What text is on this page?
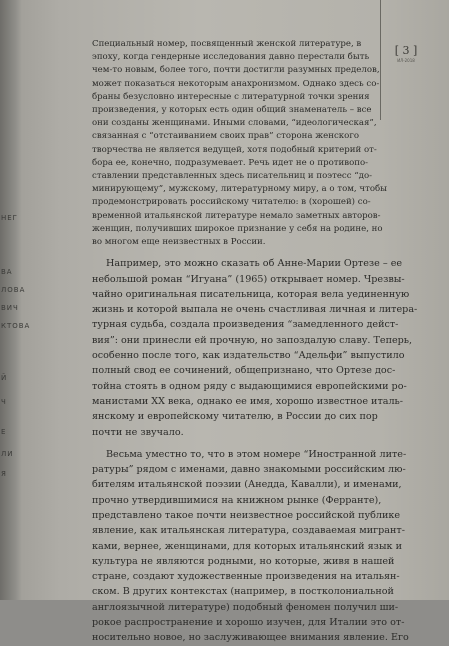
НЕГ
ВА
ЛОВА
ВИЧ
КТОВА
Й
Ч
Е
ЛИ
Я
[ 3 ]
ИЛ-2018
Специальный номер, посвященный женской литературе, в
эпоху, когда гендерные исследования давно перестали быть
чем-то новым, более того, почти достигли разумных пределов,
может показаться некоторым анахронизмом. Однако здесь со-
браны безусловно интересные с литературной точки зрения
произведения, у которых есть один общий знаменатель – все
они созданы женщинами. Иными словами, “идеологическая”,
связанная с “отстаиванием своих прав” сторона женского
творчества не является ведущей, хотя подобный критерий от-
бора ее, конечно, подразумевает. Речь идет не о противопо-
ставлении представленных здесь писательниц и поэтесс “до-
минирующему”, мужскому, литературному миру, а о том, чтобы
продемонстрировать российскому читателю: в (хорошей) со-
временной итальянской литературе немало заметных авторов-
женщин, получивших широкое признание у себя на родине, но
во многом еще неизвестных в России.
Например, это можно сказать об Анне-Марии Ортезе – ее
небольшой роман “Игуана” (1965) открывает номер. Чрезвы-
чайно оригинальная писательница, которая вела уединенную
жизнь и которой выпала не очень счастливая личная и литера-
турная судьба, создала произведения “замедленного дейст-
вия”: они принесли ей прочную, но запоздалую славу. Теперь,
особенно после того, как издательство “Адельфи” выпустило
полный свод ее сочинений, общепризнано, что Ортезе дос-
тойна стоять в одном ряду с выдающимися европейскими ро-
манистами XX века, однако ее имя, хорошо известное италь-
янскому и европейскому читателю, в России до сих пор
почти не звучало.
Весьма уместно то, что в этом номере “Иностранной лите-
ратуры” рядом с именами, давно знакомыми российским лю-
бителям итальянской поэзии (Анедда, Кавалли), и именами,
прочно утвердившимися на книжном рынке (Ферранте),
представлено такое почти неизвестное российской публике
явление, как итальянская литература, создаваемая мигрант-
ками, вернее, женщинами, для которых итальянский язык и
культура не являются родными, но которые, живя в нашей
стране, создают художественные произведения на итальян-
ском. В других контекстах (например, в постколониальной
англоязычной литературе) подобный феномен получил ши-
рокое распространение и хорошо изучен, для Италии это от-
носительно новое, но заслуживающее внимания явление. Его
